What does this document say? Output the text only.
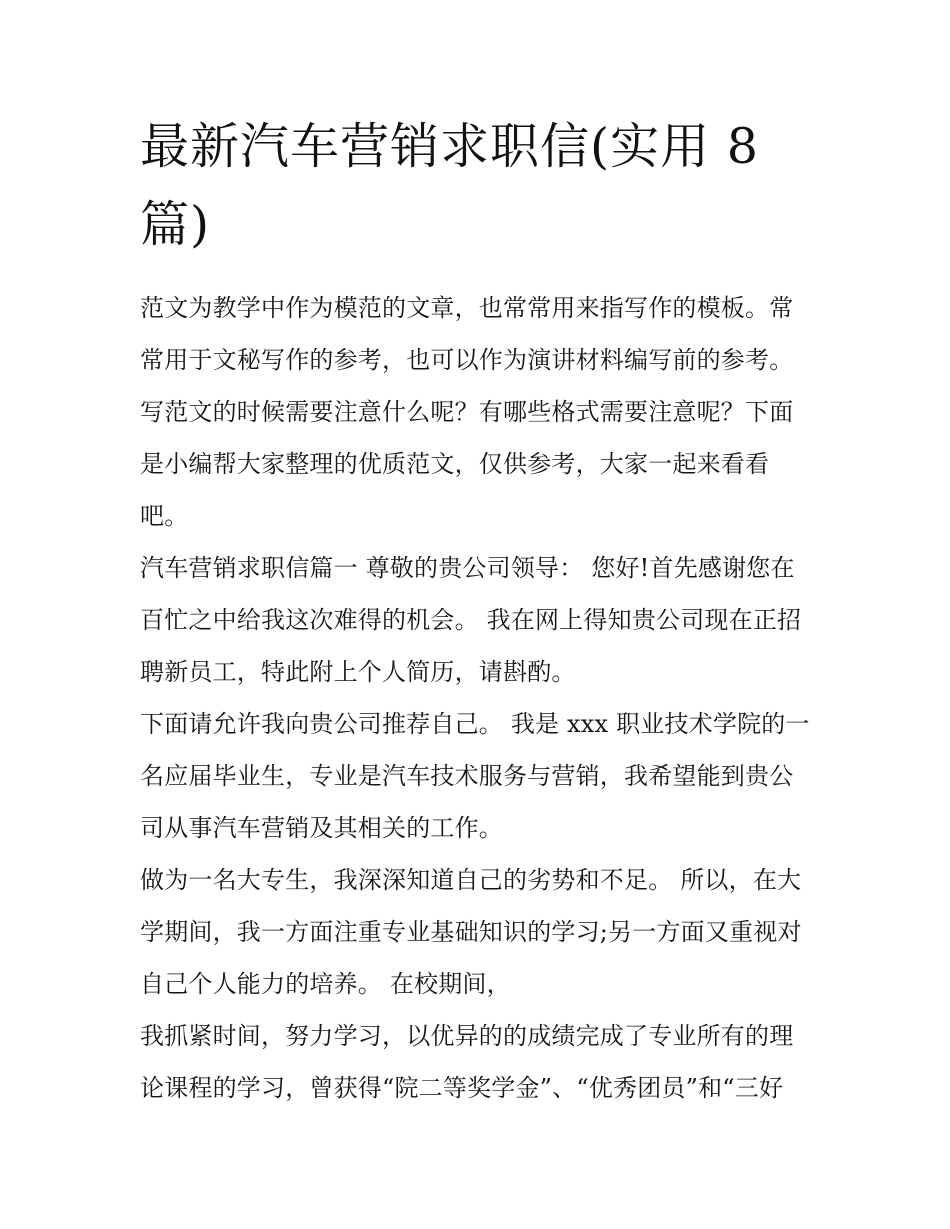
最新汽车营销求职信(实用 8 篇)

范文为教学中作为模范的文章，也常常用来指写作的模板。常常用于文秘写作的参考，也可以作为演讲材料编写前的参考。写范文的时候需要注意什么呢？有哪些格式需要注意呢？下面是小编帮大家整理的优质范文，仅供参考，大家一起来看看吧。

汽车营销求职信篇一 尊敬的贵公司领导： 您好!首先感谢您在百忙之中给我这次难得的机会。 我在网上得知贵公司现在正招聘新员工，特此附上个人简历，请斟酌。

下面请允许我向贵公司推荐自己。 我是 xxx 职业技术学院的一名应届毕业生，专业是汽车技术服务与营销，我希望能到贵公司从事汽车营销及其相关的工作。

做为一名大专生，我深深知道自己的劣势和不足。 所以，在大学期间，我一方面注重专业基础知识的学习;另一方面又重视对自己个人能力的培养。 在校期间，

我抓紧时间，努力学习，以优异的的成绩完成了专业所有的理论课程的学习，曾获得“院二等奖学金”、“优秀团员”和“三好
